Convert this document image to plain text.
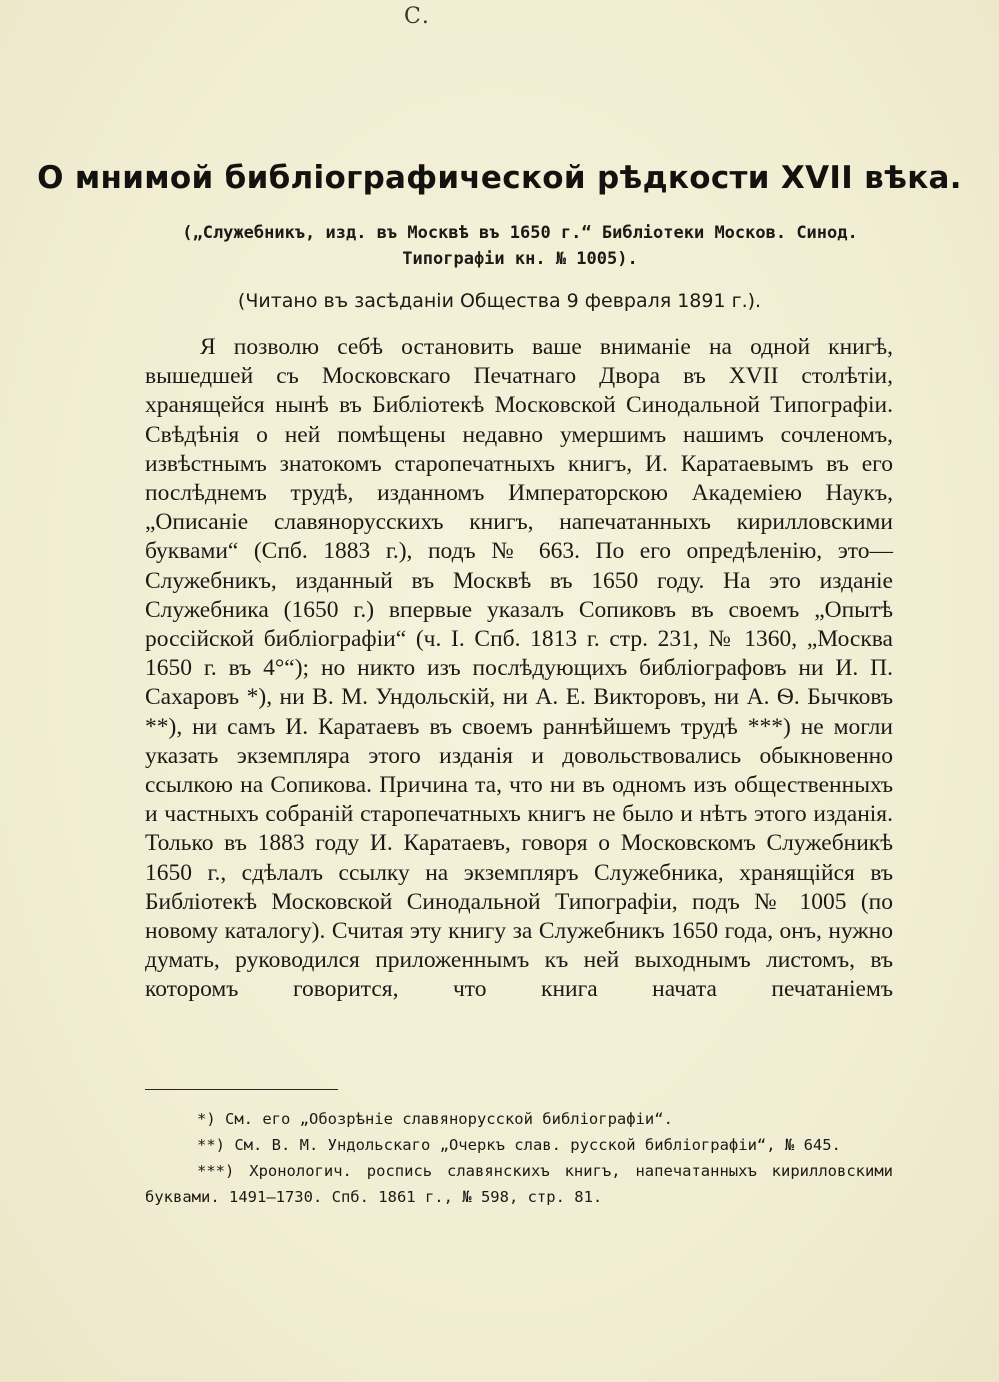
С.
О мнимой библіографической рѣдкости XVII вѣка.
(„Служебникъ, изд. въ Москвѣ въ 1650 г.“ Библіотеки Москов. Синод. Типографіи кн. № 1005).
(Читано въ засѣданіи Общества 9 февраля 1891 г.).

Я позволю себѣ остановить ваше вниманіе на одной книгѣ, вышедшей съ Московскаго Печатнаго Двора въ XVII столѣтіи, хранящейся нынѣ въ Библіотекѣ Московской Синодальной Типографіи. Свѣдѣнія о ней помѣщены недавно умершимъ нашимъ сочленомъ, извѣстнымъ знатокомъ старопечатныхъ книгъ, И. Каратаевымъ въ его послѣднемъ трудѣ, изданномъ Императорскою Академіею Наукъ, „Описаніе славянорусскихъ книгъ, напечатанныхъ кирилловскими буквами“ (Спб. 1883 г.), подъ № 663. По его опредѣленію, это—Служебникъ, изданный въ Москвѣ въ 1650 году. На это изданіе Служебника (1650 г.) впервые указалъ Сопиковъ въ своемъ „Опытѣ россійской библіографіи“ (ч. I. Спб. 1813 г. стр. 231, № 1360, „Москва 1650 г. въ 4°“); но никто изъ послѣдующихъ библіографовъ ни И. П. Сахаровъ *), ни В. М. Ундольскій, ни А. Е. Викторовъ, ни А. Ѳ. Бычковъ **), ни самъ И. Каратаевъ въ своемъ раннѣйшемъ трудѣ ***) не могли указать экземпляра этого изданія и довольствовались обыкновенно ссылкою на Сопикова. Причина та, что ни въ одномъ изъ общественныхъ и частныхъ собраній старопечатныхъ книгъ не было и нѣтъ этого изданія. Только въ 1883 году И. Каратаевъ, говоря о Московскомъ Служебникѣ 1650 г., сдѣлалъ ссылку на экземпляръ Служебника, хранящійся въ Библіотекѣ Московской Синодальной Типографіи, подъ № 1005 (по новому каталогу). Считая эту книгу за Служебникъ 1650 года, онъ, нужно думать, руководился приложеннымъ къ ней выходнымъ листомъ, въ которомъ говорится, что книга начата печатаніемъ

*) См. его „Обозрѣніе славянорусской библіографіи“.

**) См. В. М. Ундольскаго „Очеркъ слав. русской библіографіи“, № 645.

***) Хронологич. роспись славянскихъ книгъ, напечатанныхъ кирилловскими буквами. 1491—1730. Спб. 1861 г., № 598, стр. 81.
